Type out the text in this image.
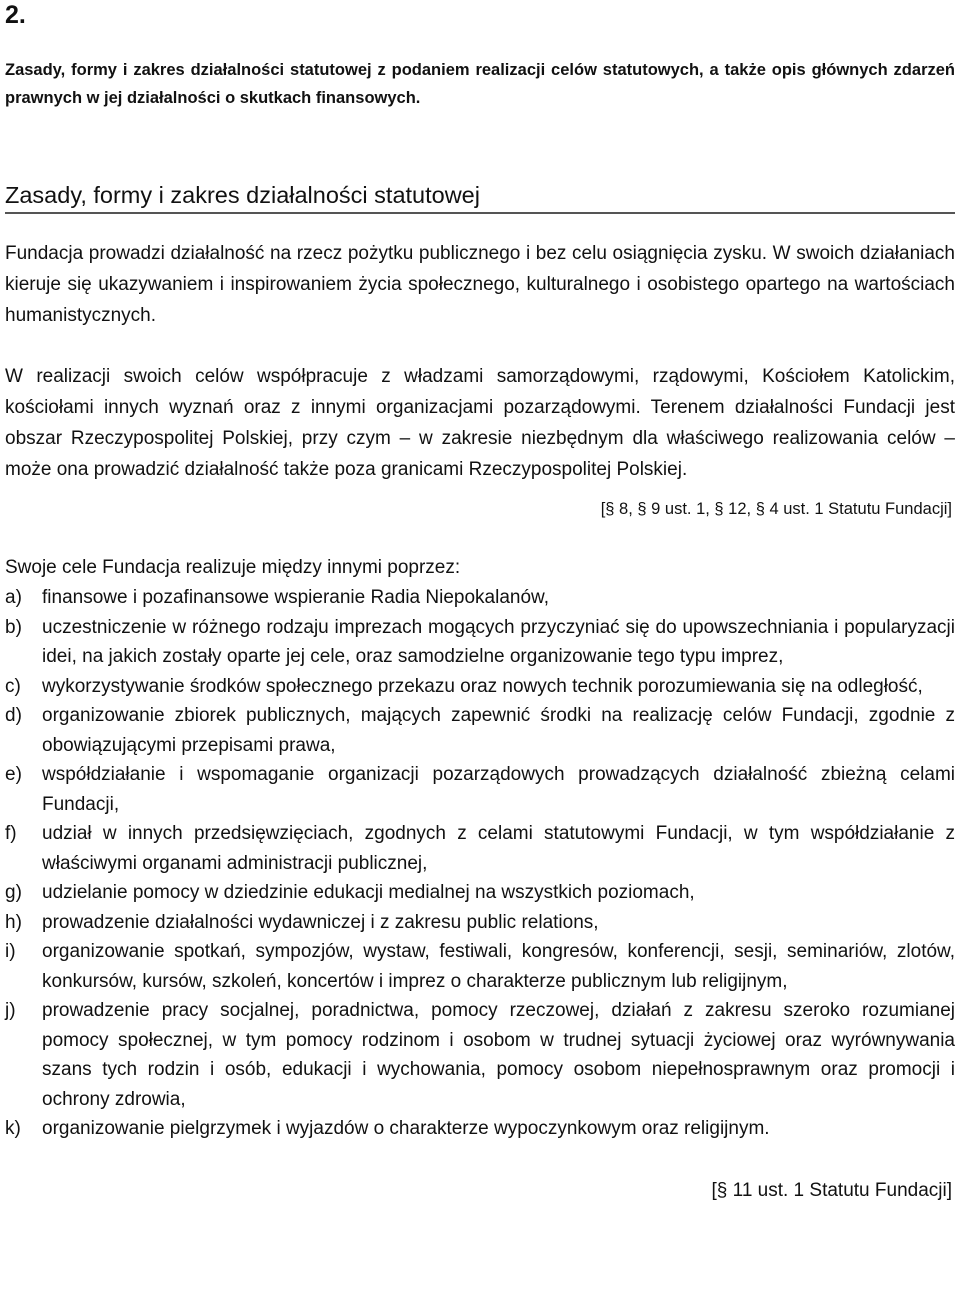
2.
Zasady, formy i zakres działalności statutowej z podaniem realizacji celów statutowych, a także opis głównych zdarzeń prawnych w jej działalności o skutkach finansowych.
Zasady, formy i zakres działalności statutowej

Fundacja prowadzi działalność na rzecz pożytku publicznego i bez celu osiągnięcia zysku. W swoich działaniach kieruje się ukazywaniem i inspirowaniem życia społecznego, kulturalnego i osobistego opartego na wartościach humanistycznych.

W realizacji swoich celów współpracuje z władzami samorządowymi, rządowymi, Kościołem Katolickim, kościołami innych wyznań oraz z innymi organizacjami pozarządowymi. Terenem działalności Fundacji jest obszar Rzeczypospolitej Polskiej, przy czym – w zakresie niezbędnym dla właściwego realizowania celów – może ona prowadzić działalność także poza granicami Rzeczypospolitej Polskiej.

[§ 8, § 9 ust. 1, § 12, § 4 ust. 1 Statutu Fundacji]
Swoje cele Fundacja realizuje między innymi poprzez:
a)	finansowe i pozafinansowe wspieranie Radia Niepokalanów,
b)	uczestniczenie w różnego rodzaju imprezach mogących przyczyniać się do upowszechniania i popularyzacji idei, na jakich zostały oparte jej cele, oraz samodzielne organizowanie tego typu imprez,
c)	wykorzystywanie środków społecznego przekazu oraz nowych technik porozumiewania się na odległość,
d)	organizowanie zbiorek publicznych, mających zapewnić środki na realizację celów Fundacji, zgodnie z obowiązującymi przepisami prawa,
e)	współdziałanie i wspomaganie organizacji pozarządowych prowadzących działalność zbieżną celami Fundacji,
f)	udział w innych przedsięwzięciach, zgodnych z celami statutowymi Fundacji, w tym współdziałanie z właściwymi organami administracji publicznej,
g)	udzielanie pomocy w dziedzinie edukacji medialnej na wszystkich poziomach,
h)	prowadzenie działalności wydawniczej i z zakresu public relations,
i)	organizowanie spotkań, sympozjów, wystaw, festiwali, kongresów, konferencji, sesji, seminariów, zlotów, konkursów, kursów, szkoleń, koncertów i imprez o charakterze publicznym lub religijnym,
j)	prowadzenie pracy socjalnej, poradnictwa, pomocy rzeczowej, działań z zakresu szeroko rozumianej pomocy społecznej, w tym pomocy rodzinom i osobom w trudnej sytuacji życiowej oraz wyrównywania szans tych rodzin i osób, edukacji i wychowania, pomocy osobom niepełnosprawnym oraz promocji i ochrony zdrowia,
k)	organizowanie pielgrzymek i wyjazdów o charakterze wypoczynkowym oraz religijnym.
[§ 11 ust. 1 Statutu Fundacji]
